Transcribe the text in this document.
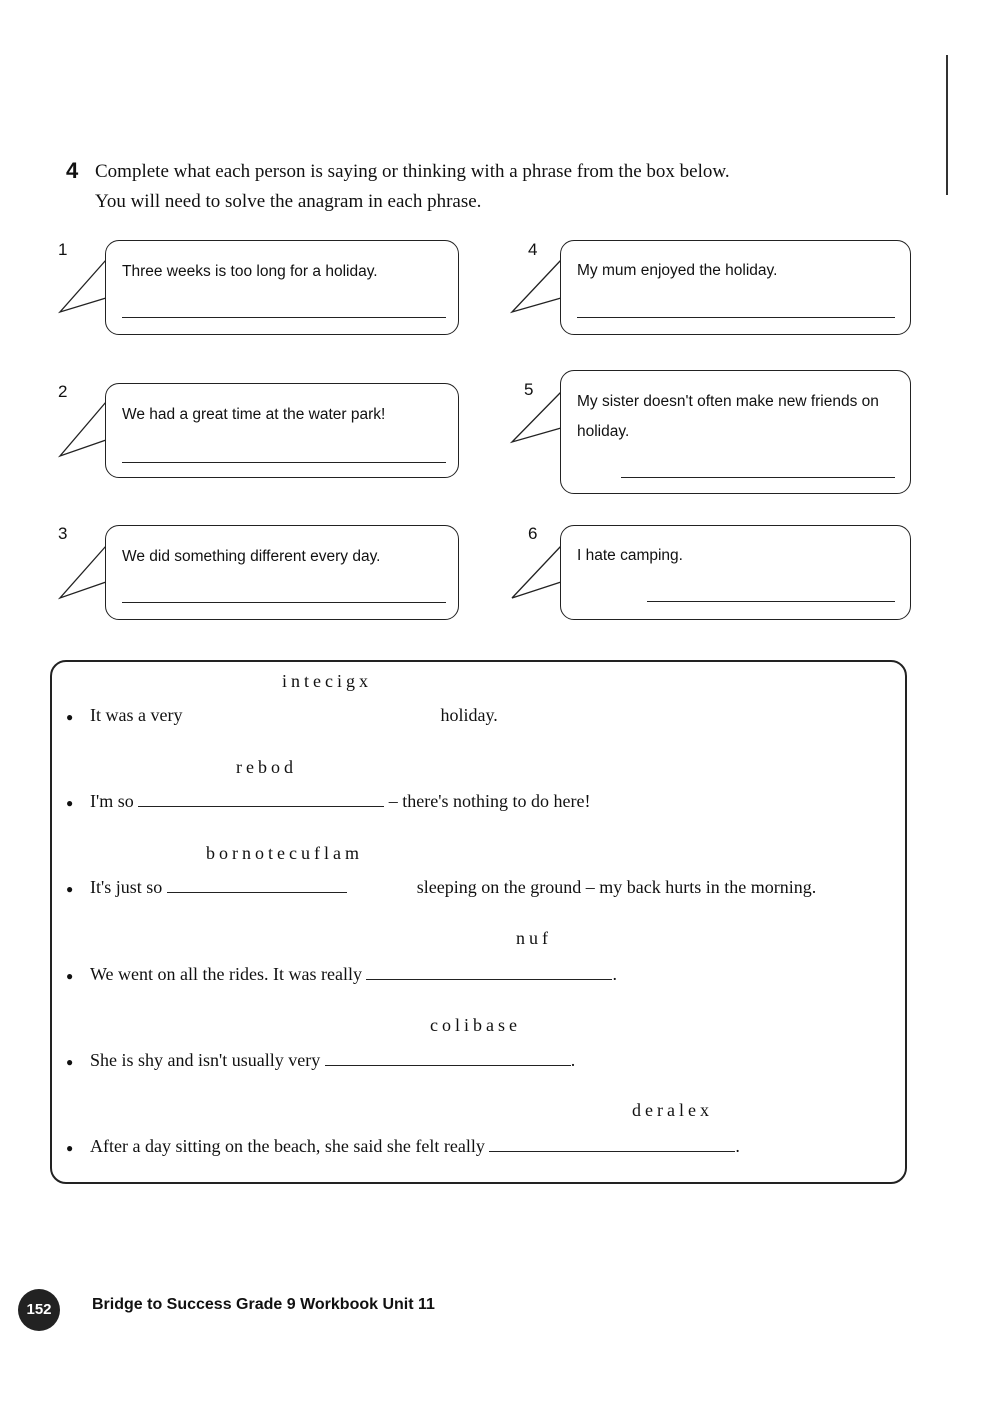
4 Complete what each person is saying or thinking with a phrase from the box below.
You will need to solve the anagram in each phrase.
1
Three weeks is too long for a holiday.
2
We had a great time at the water park!
3
We did something different every day.
4
My mum enjoyed the holiday.
5
My sister doesn't often make new friends on holiday.
6
I hate camping.
intecigx
● It was a very	holiday.
rebod
● I'm so	– there's nothing to do here!
bornotecuflam
● It's just so	sleeping on the ground – my back hurts in the morning.
nuf
● We went on all the rides. It was really	.
colibase
● She is shy and isn't usually very	.
deralex
● After a day sitting on the beach, she said she felt really	.
152	Bridge to Success Grade 9 Workbook Unit 11
